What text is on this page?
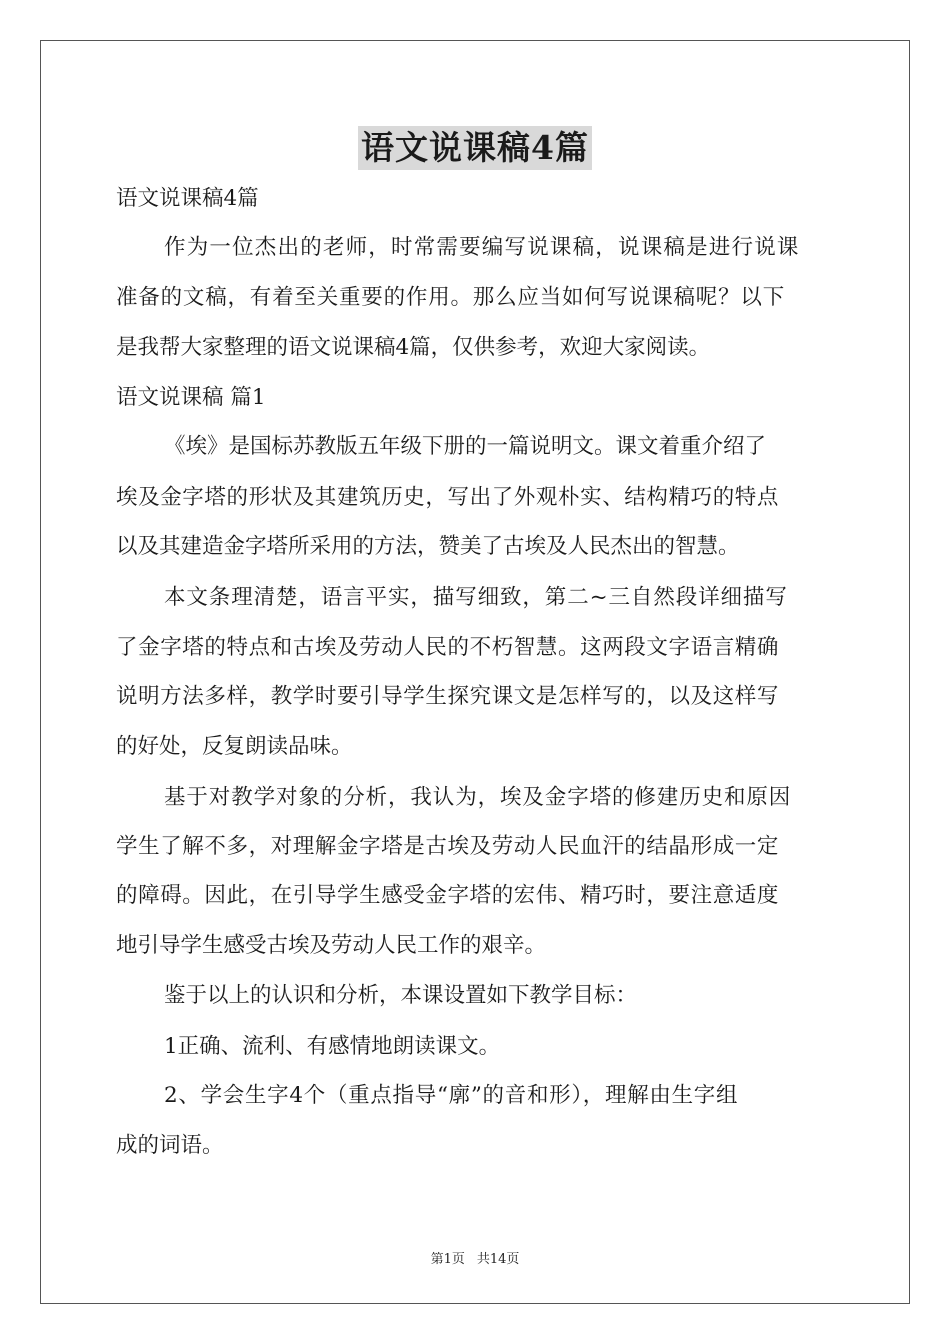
语文说课稿4篇
语文说课稿4篇
作为一位杰出的老师，时常需要编写说课稿，说课稿是进行说课
准备的文稿，有着至关重要的作用。那么应当如何写说课稿呢？以下
是我帮大家整理的语文说课稿4篇，仅供参考，欢迎大家阅读。
语文说课稿 篇1
《埃》是国标苏教版五年级下册的一篇说明文。课文着重介绍了
埃及金字塔的形状及其建筑历史，写出了外观朴实、结构精巧的特点
以及其建造金字塔所采用的方法，赞美了古埃及人民杰出的智慧。
本文条理清楚，语言平实，描写细致，第二~三自然段详细描写
了金字塔的特点和古埃及劳动人民的不朽智慧。这两段文字语言精确
说明方法多样，教学时要引导学生探究课文是怎样写的，以及这样写
的好处，反复朗读品味。
基于对教学对象的分析，我认为，埃及金字塔的修建历史和原因
学生了解不多，对理解金字塔是古埃及劳动人民血汗的结晶形成一定
的障碍。因此，在引导学生感受金字塔的宏伟、精巧时，要注意适度
地引导学生感受古埃及劳动人民工作的艰辛。
鉴于以上的认识和分析，本课设置如下教学目标：
1正确、流利、有感情地朗读课文。
2、学会生字4个（重点指导“廓”的音和形），理解由生字组
成的词语。
第1页 共14页
